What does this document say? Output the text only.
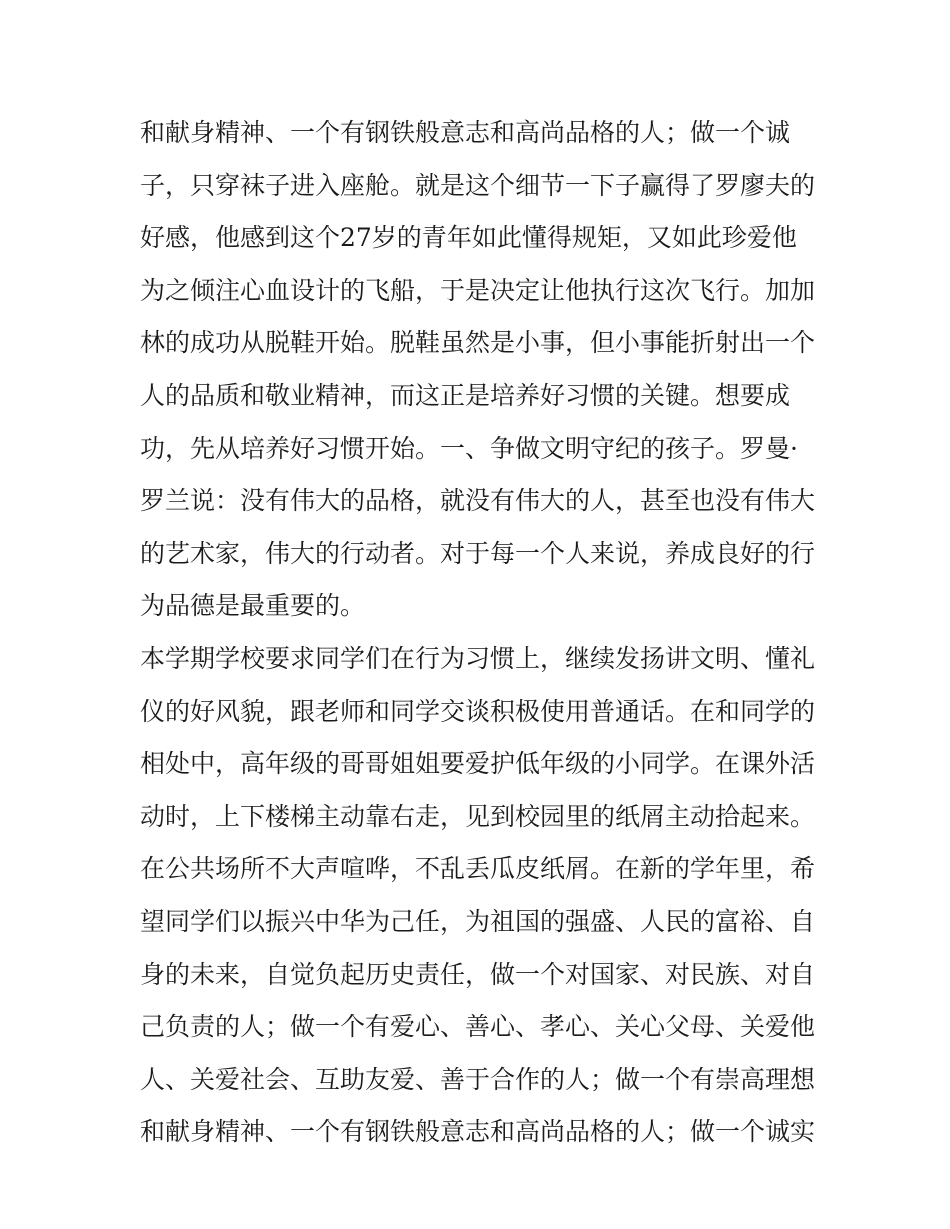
和献身精神、一个有钢铁般意志和高尚品格的人；做一个诚
子，只穿袜子进入座舱。就是这个细节一下子赢得了罗廖夫的
好感，他感到这个27岁的青年如此懂得规矩，又如此珍爱他
为之倾注心血设计的飞船，于是决定让他执行这次飞行。加加
林的成功从脱鞋开始。脱鞋虽然是小事，但小事能折射出一个
人的品质和敬业精神，而这正是培养好习惯的关键。想要成
功，先从培养好习惯开始。一、争做文明守纪的孩子。罗曼·
罗兰说：没有伟大的品格，就没有伟大的人，甚至也没有伟大
的艺术家，伟大的行动者。对于每一个人来说，养成良好的行
为品德是最重要的。
本学期学校要求同学们在行为习惯上，继续发扬讲文明、懂礼
仪的好风貌，跟老师和同学交谈积极使用普通话。在和同学的
相处中，高年级的哥哥姐姐要爱护低年级的小同学。在课外活
动时，上下楼梯主动靠右走，见到校园里的纸屑主动拾起来。
在公共场所不大声喧哗，不乱丢瓜皮纸屑。在新的学年里，希
望同学们以振兴中华为己任，为祖国的强盛、人民的富裕、自
身的未来，自觉负起历史责任，做一个对国家、对民族、对自
己负责的人；做一个有爱心、善心、孝心、关心父母、关爱他
人、关爱社会、互助友爱、善于合作的人；做一个有崇高理想
和献身精神、一个有钢铁般意志和高尚品格的人；做一个诚实
